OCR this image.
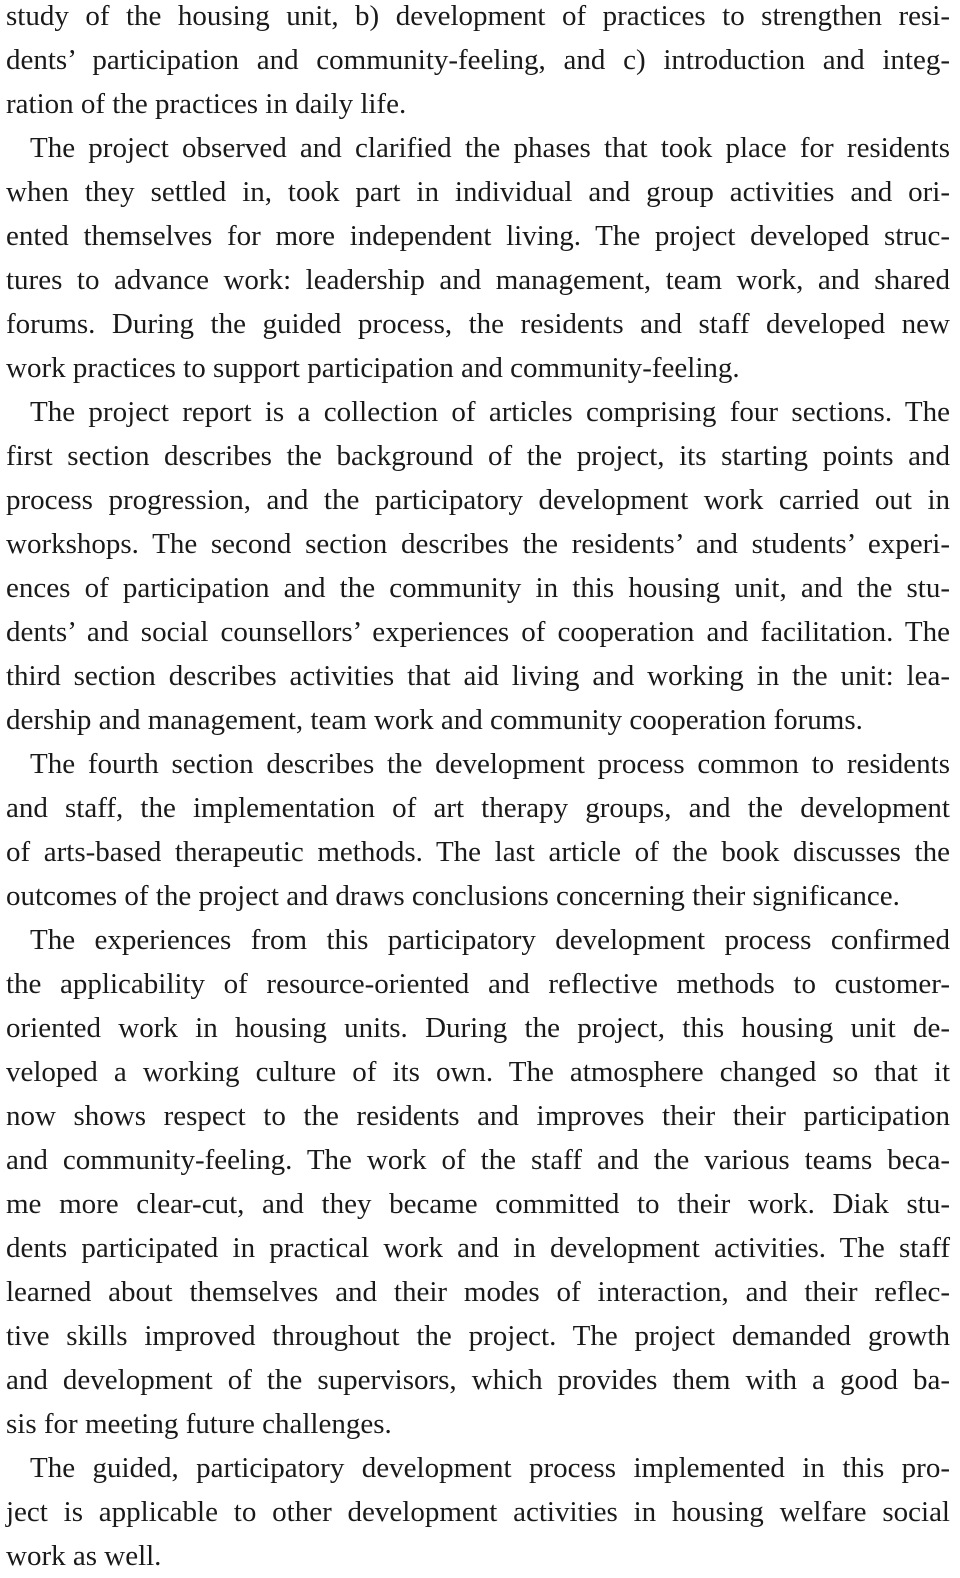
study of the housing unit, b) development of practices to strengthen resi-
dents’ participation and community-feeling, and c) introduction and integ-
ration of the practices in daily life.
The project observed and clarified the phases that took place for residents
when they settled in, took part in individual and group activities and ori-
ented themselves for more independent living. The project developed struc-
tures to advance work: leadership and management, team work, and shared
forums. During the guided process, the residents and staff developed new
work practices to support participation and community-feeling.
The project report is a collection of articles comprising four sections. The
first section describes the background of the project, its starting points and
process progression, and the participatory development work carried out in
workshops. The second section describes the residents’ and students’ experi-
ences of participation and the community in this housing unit, and the stu-
dents’ and social counsellors’ experiences of cooperation and facilitation. The
third section describes activities that aid living and working in the unit: lea-
dership and management, team work and community cooperation forums.
The fourth section describes the development process common to residents
and staff, the implementation of art therapy groups, and the development
of arts-based therapeutic methods. The last article of the book discusses the
outcomes of the project and draws conclusions concerning their significance.
The experiences from this participatory development process confirmed
the applicability of resource-oriented and reflective methods to customer-
oriented work in housing units. During the project, this housing unit de-
veloped a working culture of its own. The atmosphere changed so that it
now shows respect to the residents and improves their their participation
and community-feeling. The work of the staff and the various teams beca-
me more clear-cut, and they became committed to their work. Diak stu-
dents participated in practical work and in development activities. The staff
learned about themselves and their modes of interaction, and their reflec-
tive skills improved throughout the project. The project demanded growth
and development of the supervisors, which provides them with a good ba-
sis for meeting future challenges.
The guided, participatory development process implemented in this pro-
ject is applicable to other development activities in housing welfare social
work as well.
